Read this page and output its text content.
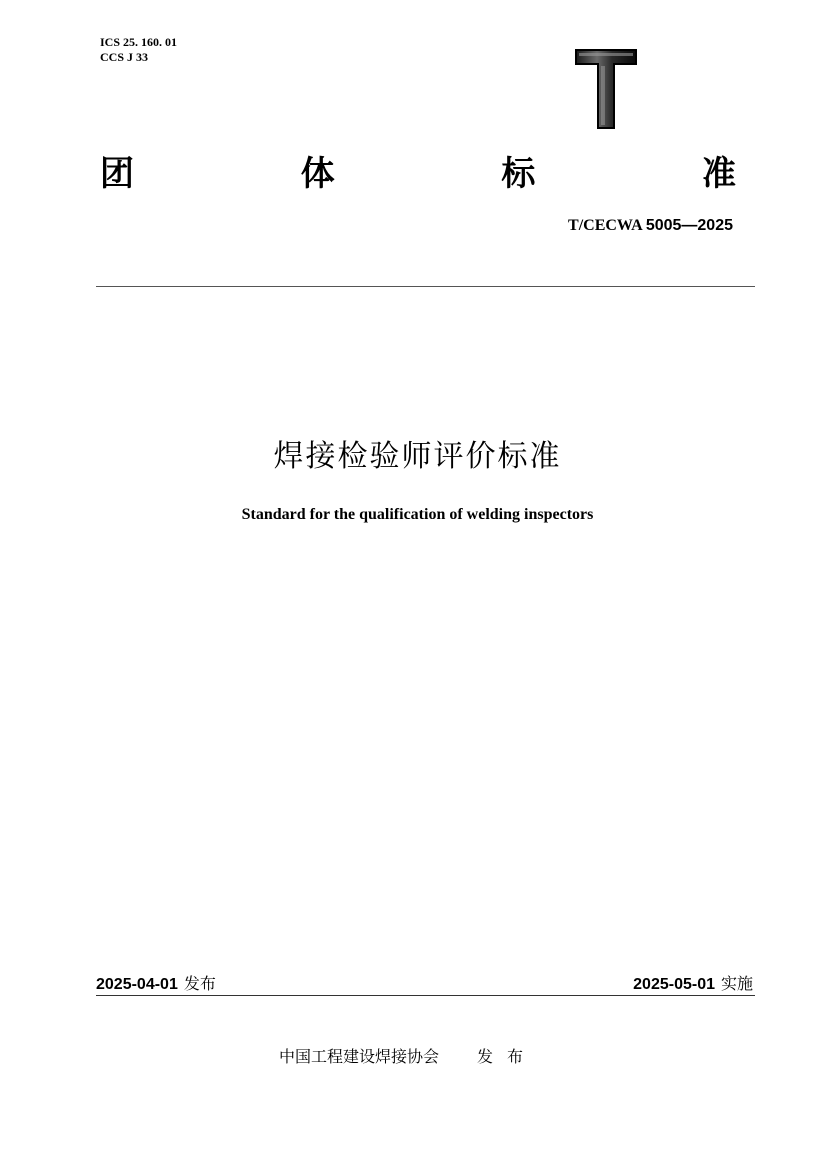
ICS 25. 160. 01
CCS J 33
团	体	标	准
T/CECWA 5005—2025
焊接检验师评价标准
Standard for the qualification of welding inspectors
2025-04-01 发布	2025-05-01 实施
中国工程建设焊接协会 发布
